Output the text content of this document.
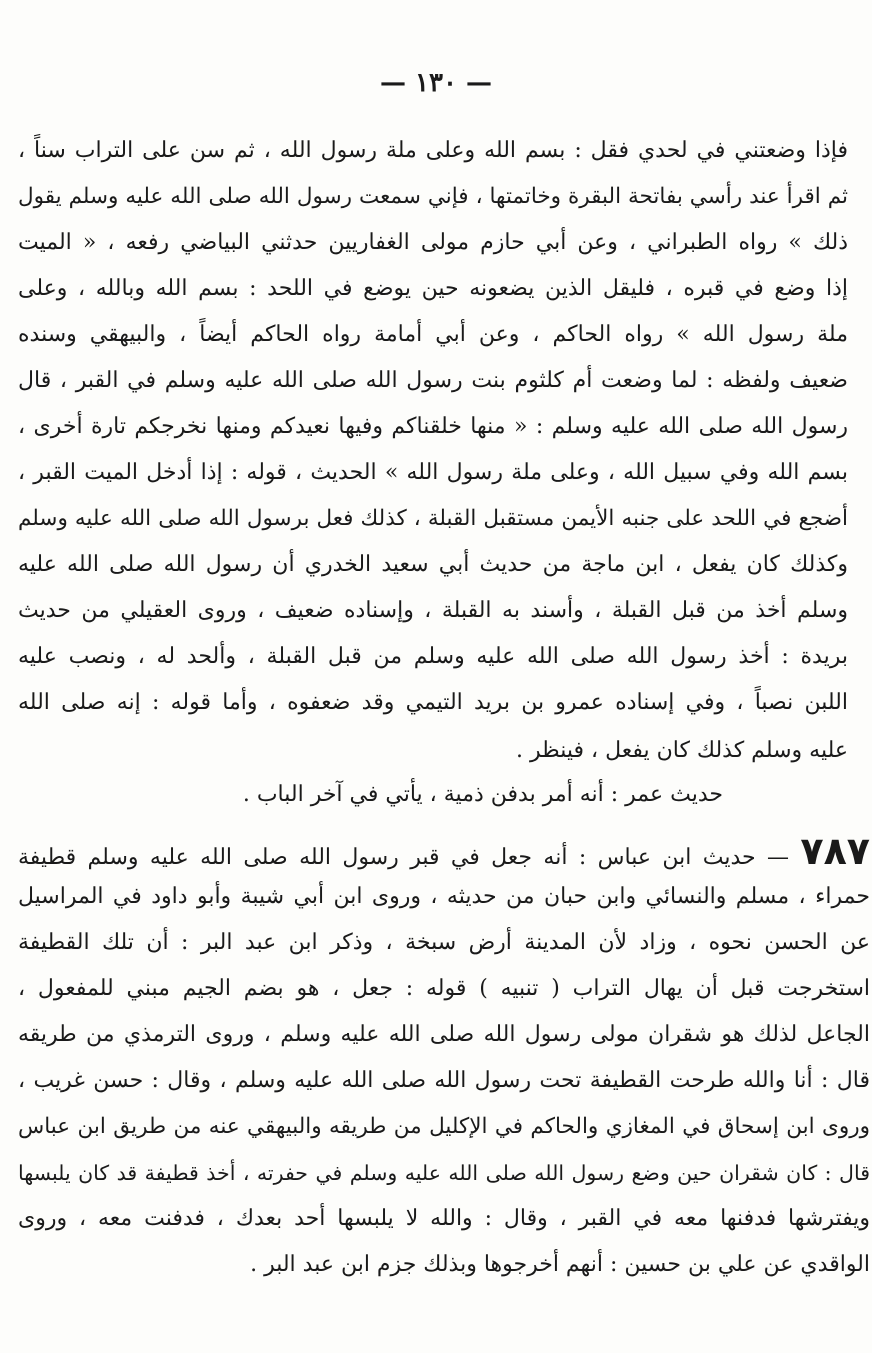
— ١٣٠ —
فإذا وضعتني في لحدي فقل : بسم الله وعلى ملة رسول الله ، ثم سن على التراب سناً ،
ثم اقرأ عند رأسي بفاتحة البقرة وخاتمتها ، فإني سمعت رسول الله صلى الله عليه وسلم يقول
ذلك » رواه الطبراني ، وعن أبي حازم مولى الغفاريين حدثني البياضي رفعه ، « الميت
إذا وضع في قبره ، فليقل الذين يضعونه حين يوضع في اللحد : بسم الله وبالله ، وعلى
ملة رسول الله » رواه الحاكم ، وعن أبي أمامة رواه الحاكم أيضاً ، والبيهقي وسنده
ضعيف ولفظه : لما وضعت أم كلثوم بنت رسول الله صلى الله عليه وسلم في القبر ، قال
رسول الله صلى الله عليه وسلم : « منها خلقناكم وفيها نعيدكم ومنها نخرجكم تارة أخرى ،
بسم الله وفي سبيل الله ، وعلى ملة رسول الله » الحديث ، قوله : إذا أدخل الميت القبر ،
أضجع في اللحد على جنبه الأيمن مستقبل القبلة ، كذلك فعل برسول الله صلى الله عليه وسلم
وكذلك كان يفعل ، ابن ماجة من حديث أبي سعيد الخدري أن رسول الله صلى الله عليه
وسلم أخذ من قبل القبلة ، وأسند به القبلة ، وإسناده ضعيف ، وروى العقيلي من حديث
بريدة : أخذ رسول الله صلى الله عليه وسلم من قبل القبلة ، وألحد له ، ونصب عليه
اللبن نصباً ، وفي إسناده عمرو بن بريد التيمي وقد ضعفوه ، وأما قوله : إنه صلى الله
عليه وسلم كذلك كان يفعل ، فينظر .
حديث عمر : أنه أمر بدفن ذمية ، يأتي في آخر الباب .
٧٨٧ — حديث ابن عباس : أنه جعل في قبر رسول الله صلى الله عليه وسلم قطيفة
حمراء ، مسلم والنسائي وابن حبان من حديثه ، وروى ابن أبي شيبة وأبو داود في المراسيل
عن الحسن نحوه ، وزاد لأن المدينة أرض سبخة ، وذكر ابن عبد البر : أن تلك القطيفة
استخرجت قبل أن يهال التراب ( تنبيه ) قوله : جعل ، هو بضم الجيم مبني للمفعول ،
الجاعل لذلك هو شقران مولى رسول الله صلى الله عليه وسلم ، وروى الترمذي من طريقه
قال : أنا والله طرحت القطيفة تحت رسول الله صلى الله عليه وسلم ، وقال : حسن غريب ،
وروى ابن إسحاق في المغازي والحاكم في الإكليل من طريقه والبيهقي عنه من طريق ابن عباس
قال : كان شقران حين وضع رسول الله صلى الله عليه وسلم في حفرته ، أخذ قطيفة قد كان يلبسها
ويفترشها فدفنها معه في القبر ، وقال : والله لا يلبسها أحد بعدك ، فدفنت معه ، وروى
الواقدي عن علي بن حسين : أنهم أخرجوها وبذلك جزم ابن عبد البر .
